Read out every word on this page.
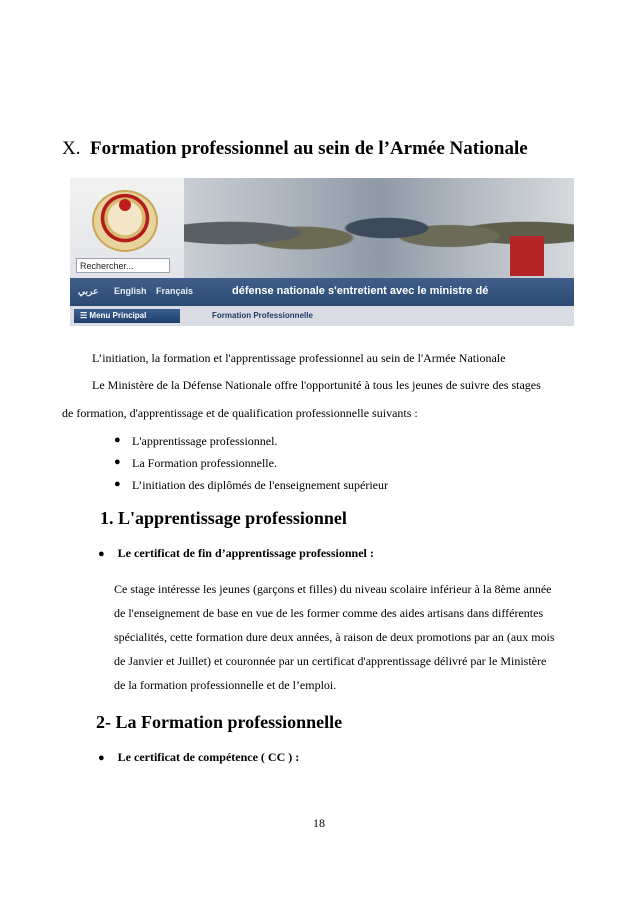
X. Formation professionnel au sein de l’Armée Nationale
Rechercher...
عربي English Français	défense nationale s'entretient avec le ministre dé
☰ Menu Principal	Formation Professionnelle
L’initiation, la formation et l'apprentissage professionnel au sein de l'Armée Nationale
Le Ministère de la Défense Nationale offre l'opportunité à tous les jeunes de suivre des stages
de formation, d'apprentissage et de qualification professionnelle suivants :
● L'apprentissage professionnel.
● La Formation professionnelle.
● L’initiation des diplômés de l'enseignement supérieur
1. L'apprentissage professionnel
● Le certificat de fin d’apprentissage professionnel :
Ce stage intéresse les jeunes (garçons et filles) du niveau scolaire inférieur à la 8ème année
de l'enseignement de base en vue de les former comme des aides artisans dans différentes
spécialités, cette formation dure deux années, à raison de deux promotions par an (aux mois
de Janvier et Juillet) et couronnée par un certificat d'apprentissage délivré par le Ministère
de la formation professionnelle et de l’emploi.
2- La Formation professionnelle
● Le certificat de compétence ( CC ) :
18
